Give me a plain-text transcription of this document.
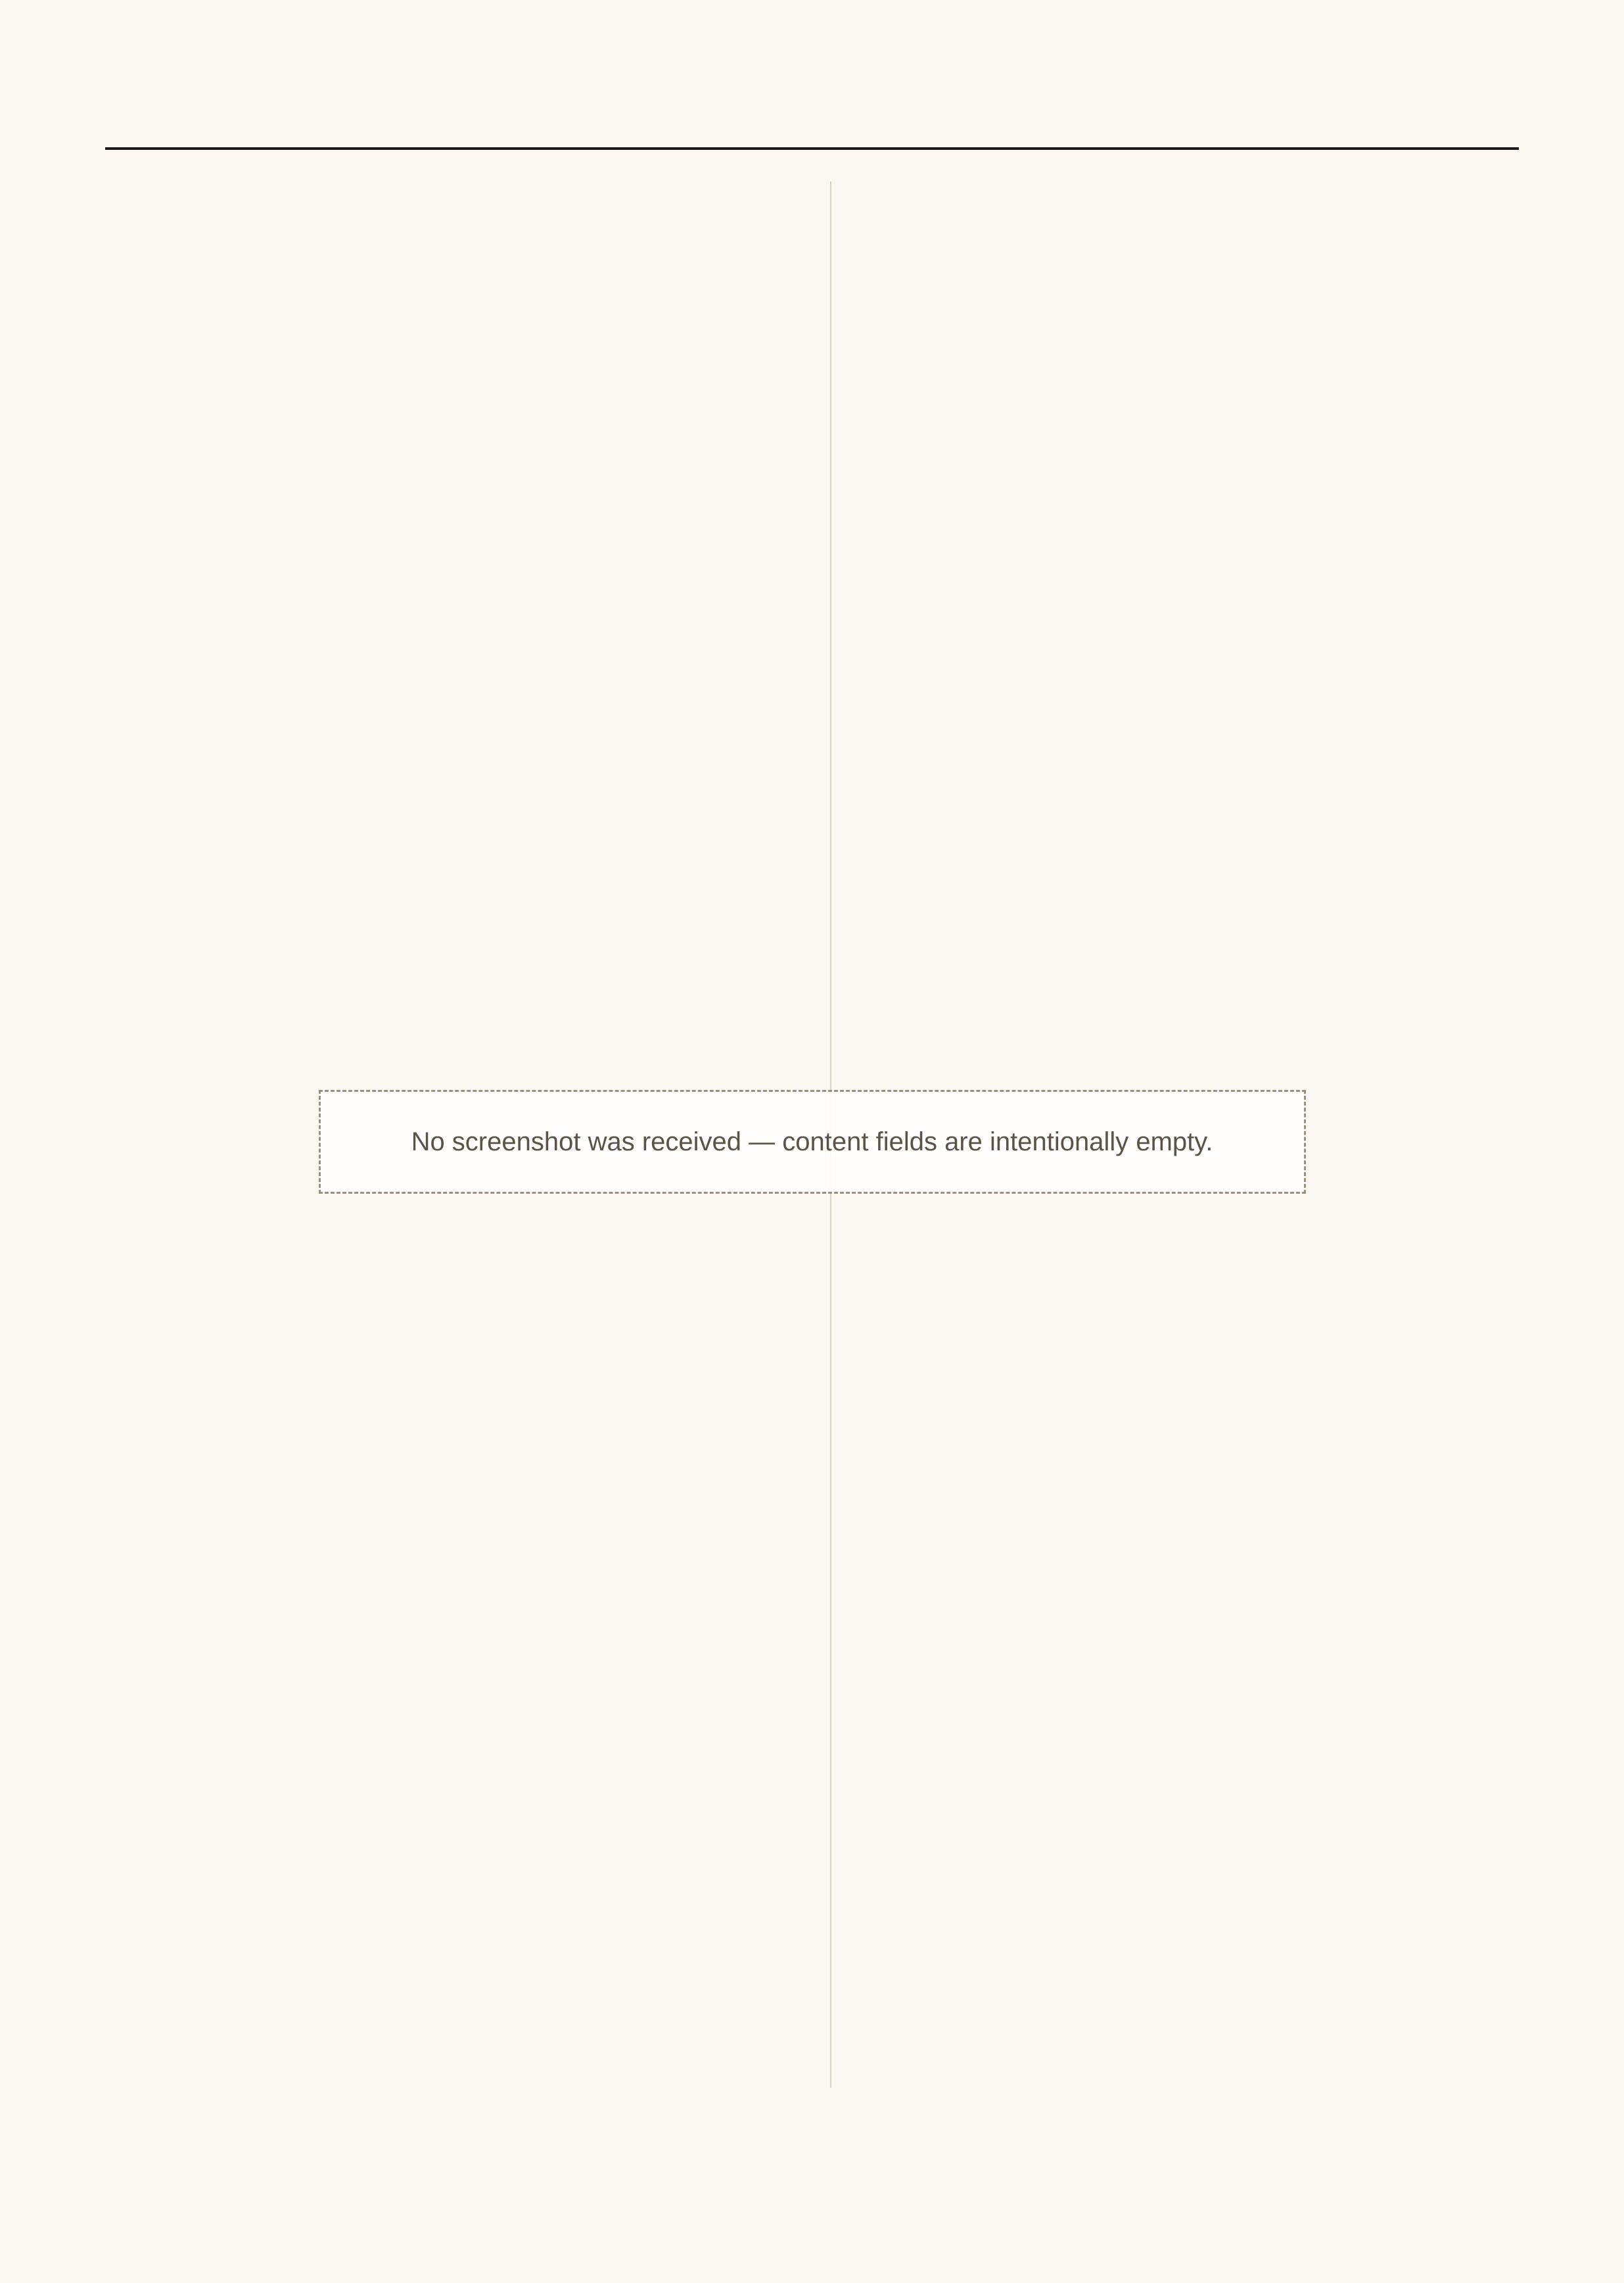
No screenshot was received — content fields are intentionally empty.
